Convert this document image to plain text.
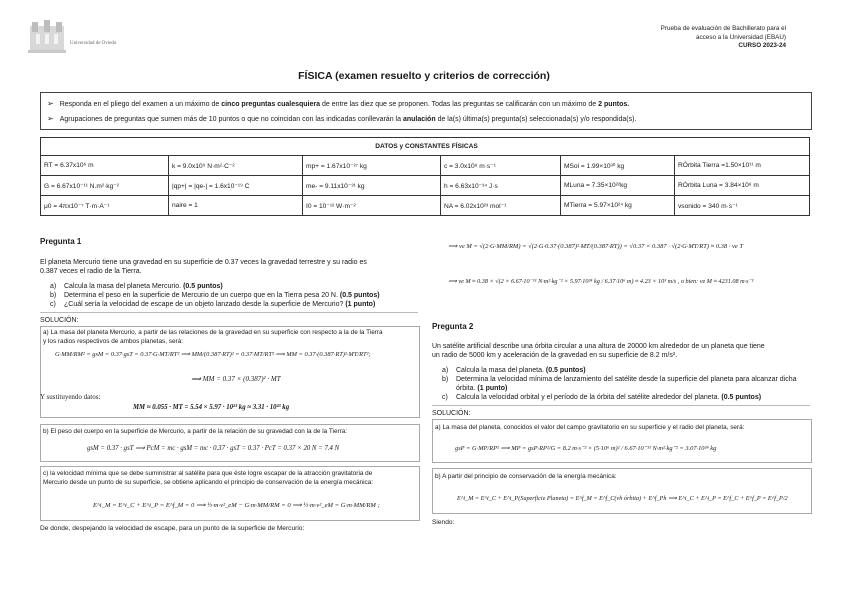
Universidad de Oviedo
Prueba de evaluación de Bachillerato para el
acceso a la Universidad (EBAU)
CURSO 2023-24
FÍSICA (examen resuelto y criterios de corrección)
➢ Responda en el pliego del examen a un máximo de cinco preguntas cualesquiera de entre las diez que se proponen. Todas las preguntas se calificarán con un máximo de 2 puntos.
➢ Agrupaciones de preguntas que sumen más de 10 puntos o que no coincidan con las indicadas conllevarán la anulación de la(s) última(s) pregunta(s) seleccionada(s) y/o respondida(s).
DATOS y CONSTANTES FÍSICAS					
RT = 6.37x10⁶ m	k = 9.0x10⁹ N·m²·C⁻²	mp+ = 1.67x10⁻²⁷ kg	c = 3.0x10⁸ m·s⁻¹	MSol = 1.99×10³⁰ kg	RÓrbita Tierra =1.50×10¹¹ m
G = 6.67x10⁻¹¹ N.m²·kg⁻²	|qp+| = |qe-| = 1.6x10⁻¹⁹ C	me- = 9.11x10⁻³¹ kg	h = 6.63x10⁻³⁴ J·s	MLuna = 7.35×10²²kg	RÓrbita Luna = 3.84×10⁸ m
μ0 = 4πx10⁻⁷ T·m·A⁻¹	naire = 1	I0 = 10⁻¹² W·m⁻²	NA = 6.02x10²³ mol⁻¹	MTierra = 5.97×10²⁴ kg	vsonido = 340 m·s⁻¹
Pregunta 1
El planeta Mercurio tiene una gravedad en su superficie de 0.37 veces la gravedad terrestre y su radio es
0.387 veces el radio de la Tierra.
a) Calcula la masa del planeta Mercurio. (0.5 puntos)
b) Determina el peso en la superficie de Mercurio de un cuerpo que en la Tierra pesa 20 N. (0.5 puntos)
c) ¿Cuál sería la velocidad de escape de un objeto lanzado desde la superficie de Mercurio? (1 punto)
SOLUCIÓN:
a) La masa del planeta Mercurio, a partir de las relaciones de la gravedad en su superficie con respecto a la de la Tierra
y los radios respectivos de ambos planetas, será:
G·MM/RM² = gsM = 0.37·gsT = 0.37·G·MT/RT² ⟹ MM/(0.387·RT)² = 0.37·MT/RT² ⟹ MM = 0.37·(0.387·RT)²·MT/RT²;
⟹ MM = 0.37 × (0.387)² · MT
Y sustituyendo datos:
MM ≈ 0.055 · MT = 5.54 × 5.97 · 10²³ kg ≈ 3.31 · 10²³ kg
b) El peso del cuerpo en la superficie de Mercurio, a partir de la relación de su gravedad con la de la Tierra:
gsM = 0.37 · gsT ⟹ PcM = mc · gsM = mc · 0.37 · gsT = 0.37 · PcT = 0.37 × 20 N = 7.4 N
c) la velocidad mínima que se debe suministrar al satélite para que éste logre escapar de la atracción gravitatoria de
Mercurio desde un punto de su superficie, se obtiene aplicando el principio de conservación de la energía mecánica:
E^i_M = E^i_C + E^i_P = E^f_M = 0 ⟹ ½·m·v²_eM − G·m·MM/RM = 0 ⟹ ½·m·v²_eM = G·m·MM/RM ;
De donde, despejando la velocidad de escape, para un punto de la superficie de Mercurio:
⟹ ve M = √(2·G·MM/RM) = √(2·G·0.37·(0.387)²·MT/(0.387·RT)) = √0.37 × 0.387 · √(2·G·MT/RT) ≈ 0.38 · ve T
⟹ ve M ≈ 0.38 × √(2 × 6.67·10⁻¹¹ N·m²·kg⁻² × 5.97·10²⁴ kg / 6.37·10⁶ m) ≈ 4.23 × 10³ m/s , o bien: ve M ≈ 4231.08 m·s⁻¹
Pregunta 2
Un satélite artificial describe una órbita circular a una altura de 20000 km alrededor de un planeta que tiene
un radio de 5000 km y aceleración de la gravedad en su superficie de 8.2 m/s².
a) Calcula la masa del planeta. (0.5 puntos)
b) Determina la velocidad mínima de lanzamiento del satélite desde la superficie del planeta para alcanzar dicha órbita. (1 punto)
c) Calcula la velocidad orbital y el período de la órbita del satélite alrededor del planeta. (0.5 puntos)
SOLUCIÓN:
a) La masa del planeta, conocidos el valor del campo gravitatorio en su superficie y el radio del planeta, será:
gsP = G·MP/RP² ⟹ MP = gsP·RP²/G = 8.2 m·s⁻² × (5·10⁶ m)² / 6.67·10⁻¹¹ N·m²·kg⁻² = 3.07·10²⁴ kg
b) A partir del principio de conservación de la energía mecánica:
E^i_M = E^i_C + E^i_P(Superficie Planeta) = E^f_M = E^f_C(vh órbita) + E^f_Ph ⟹ E^i_C + E^i_P = E^f_C + E^f_P = E^f_P/2
Siendo:
